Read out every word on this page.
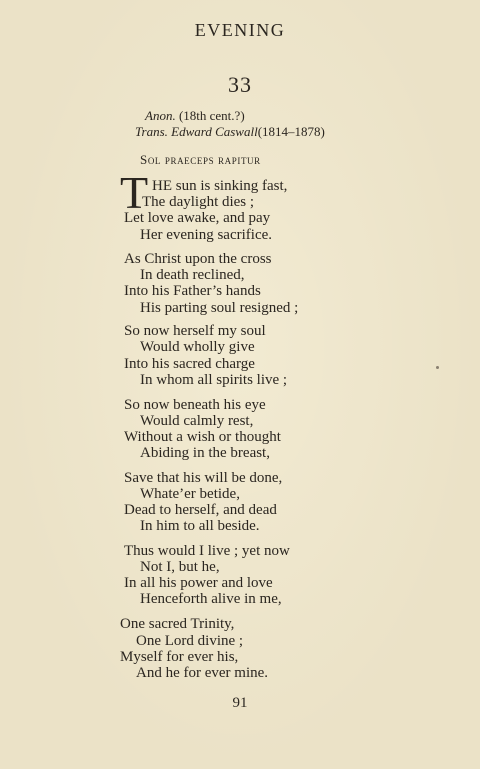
EVENING
33
Anon. (18th cent.?)
Trans. Edward Caswall(1814–1878)
Sol praeceps rapitur
T HE sun is sinking fast,
The daylight dies ;
Let love awake, and pay
Her evening sacrifice.
As Christ upon the cross
In death reclined,
Into his Father’s hands
His parting soul resigned ;
So now herself my soul
Would wholly give
Into his sacred charge
In whom all spirits live ;
So now beneath his eye
Would calmly rest,
Without a wish or thought
Abiding in the breast,
Save that his will be done,
Whate’er betide,
Dead to herself, and dead
In him to all beside.
Thus would I live ; yet now
Not I, but he,
In all his power and love
Henceforth alive in me,
One sacred Trinity,
One Lord divine ;
Myself for ever his,
And he for ever mine.
91
